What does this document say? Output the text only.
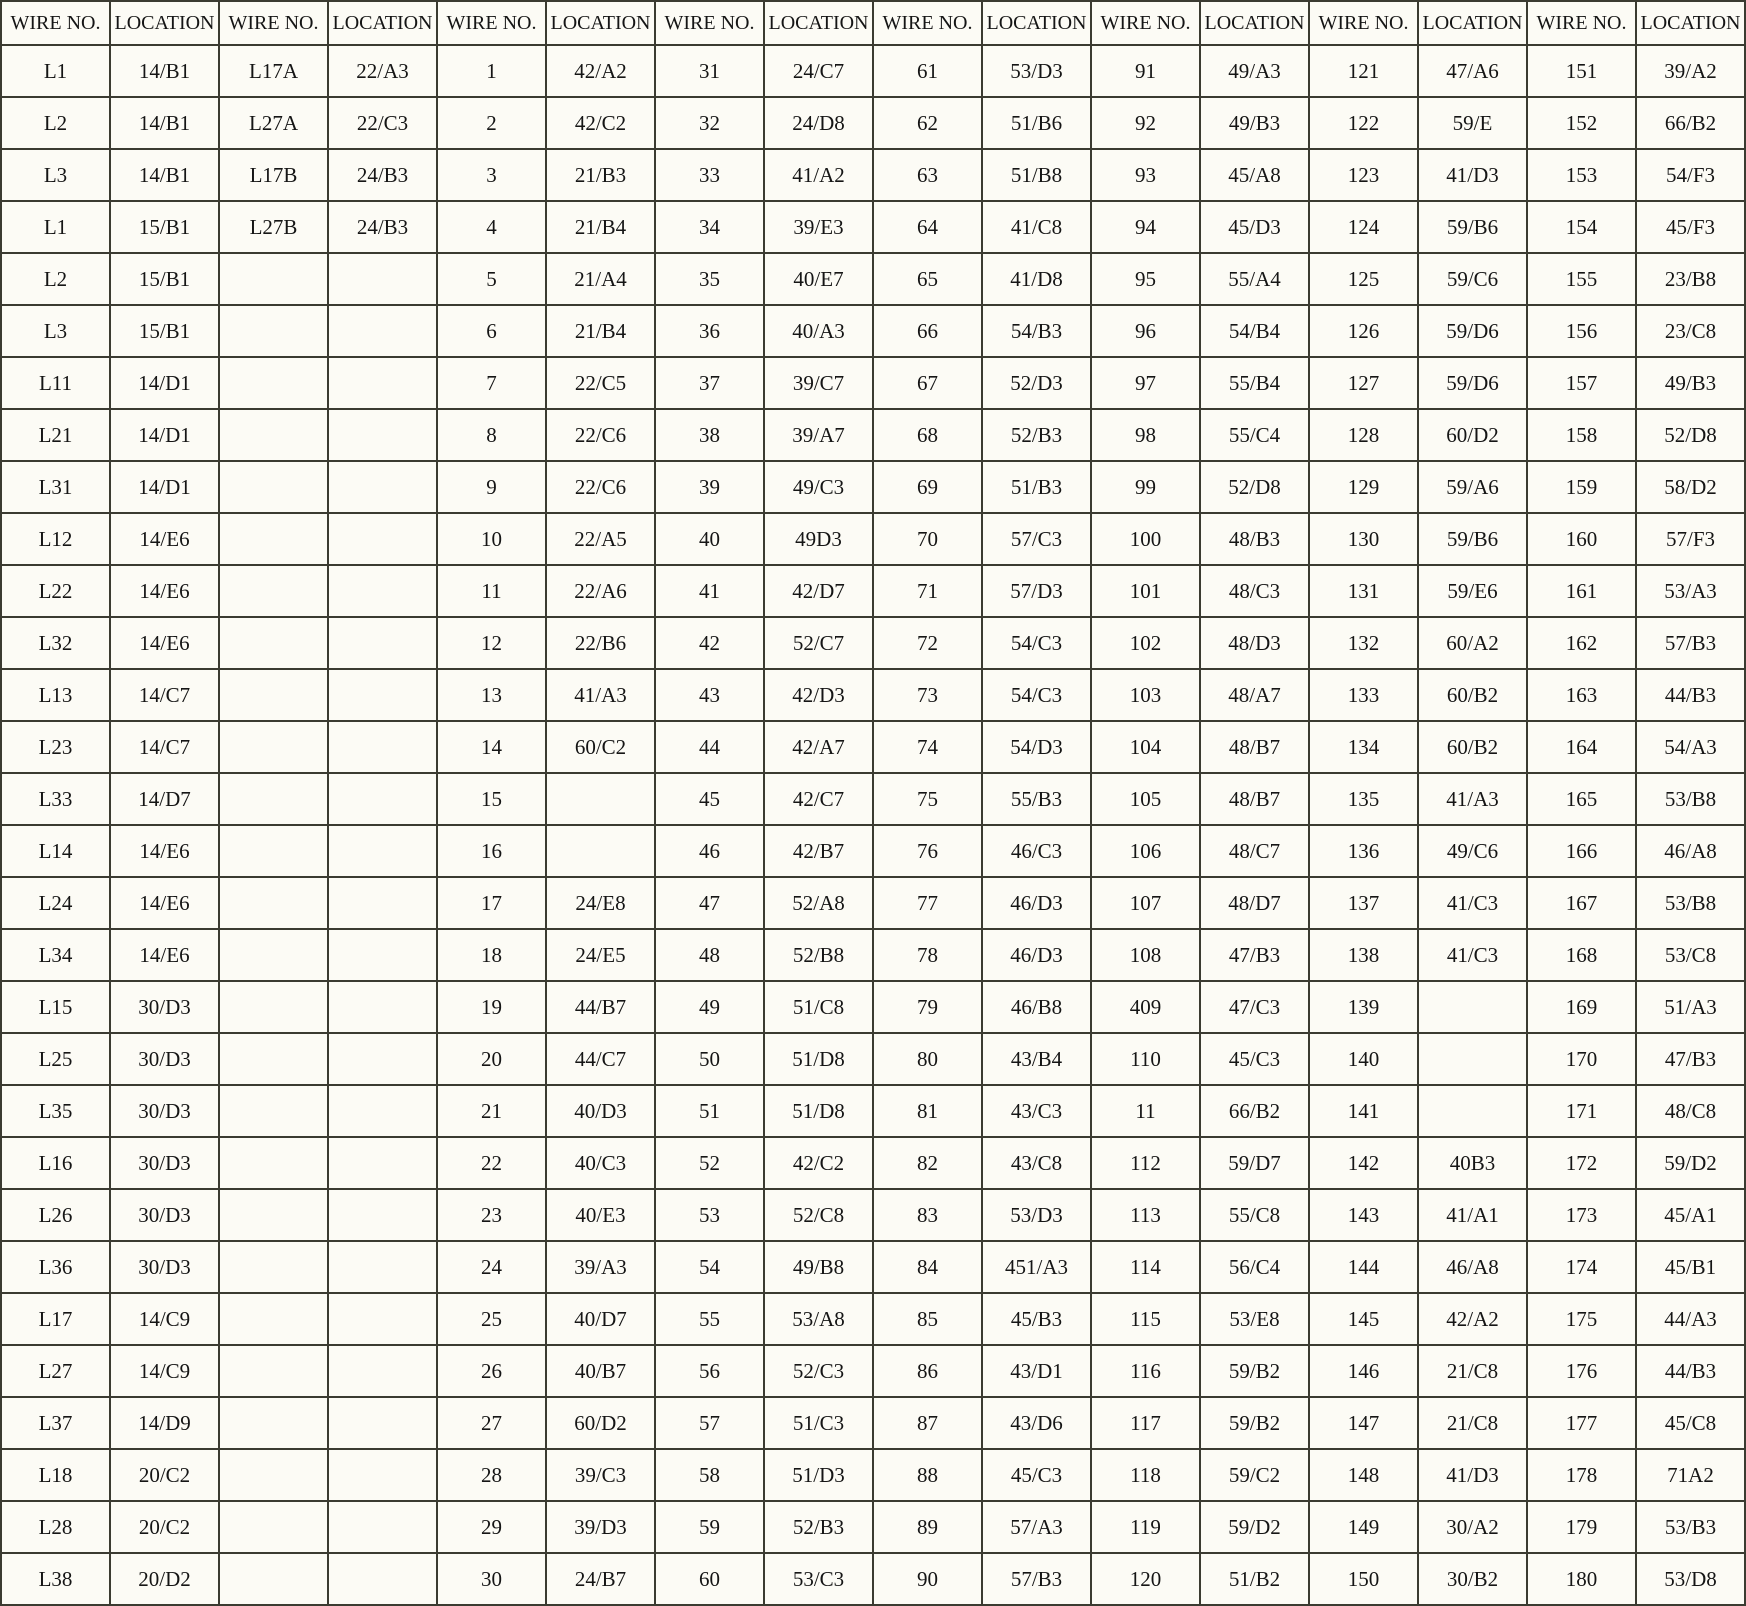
WIRE NO.	LOCATION	WIRE NO.	LOCATION	WIRE NO.	LOCATION	WIRE NO.	LOCATION	WIRE NO.	LOCATION	WIRE NO.	LOCATION	WIRE NO.	LOCATION	WIRE NO.	LOCATION
L1	14/B1	L17A	22/A3	1	42/A2	31	24/C7	61	53/D3	91	49/A3	121	47/A6	151	39/A2
L2	14/B1	L27A	22/C3	2	42/C2	32	24/D8	62	51/B6	92	49/B3	122	59/E	152	66/B2
L3	14/B1	L17B	24/B3	3	21/B3	33	41/A2	63	51/B8	93	45/A8	123	41/D3	153	54/F3
L1	15/B1	L27B	24/B3	4	21/B4	34	39/E3	64	41/C8	94	45/D3	124	59/B6	154	45/F3
L2	15/B1			5	21/A4	35	40/E7	65	41/D8	95	55/A4	125	59/C6	155	23/B8
L3	15/B1			6	21/B4	36	40/A3	66	54/B3	96	54/B4	126	59/D6	156	23/C8
L11	14/D1			7	22/C5	37	39/C7	67	52/D3	97	55/B4	127	59/D6	157	49/B3
L21	14/D1			8	22/C6	38	39/A7	68	52/B3	98	55/C4	128	60/D2	158	52/D8
L31	14/D1			9	22/C6	39	49/C3	69	51/B3	99	52/D8	129	59/A6	159	58/D2
L12	14/E6			10	22/A5	40	49D3	70	57/C3	100	48/B3	130	59/B6	160	57/F3
L22	14/E6			11	22/A6	41	42/D7	71	57/D3	101	48/C3	131	59/E6	161	53/A3
L32	14/E6			12	22/B6	42	52/C7	72	54/C3	102	48/D3	132	60/A2	162	57/B3
L13	14/C7			13	41/A3	43	42/D3	73	54/C3	103	48/A7	133	60/B2	163	44/B3
L23	14/C7			14	60/C2	44	42/A7	74	54/D3	104	48/B7	134	60/B2	164	54/A3
L33	14/D7			15		45	42/C7	75	55/B3	105	48/B7	135	41/A3	165	53/B8
L14	14/E6			16		46	42/B7	76	46/C3	106	48/C7	136	49/C6	166	46/A8
L24	14/E6			17	24/E8	47	52/A8	77	46/D3	107	48/D7	137	41/C3	167	53/B8
L34	14/E6			18	24/E5	48	52/B8	78	46/D3	108	47/B3	138	41/C3	168	53/C8
L15	30/D3			19	44/B7	49	51/C8	79	46/B8	409	47/C3	139		169	51/A3
L25	30/D3			20	44/C7	50	51/D8	80	43/B4	110	45/C3	140		170	47/B3
L35	30/D3			21	40/D3	51	51/D8	81	43/C3	11	66/B2	141		171	48/C8
L16	30/D3			22	40/C3	52	42/C2	82	43/C8	112	59/D7	142	40B3	172	59/D2
L26	30/D3			23	40/E3	53	52/C8	83	53/D3	113	55/C8	143	41/A1	173	45/A1
L36	30/D3			24	39/A3	54	49/B8	84	451/A3	114	56/C4	144	46/A8	174	45/B1
L17	14/C9			25	40/D7	55	53/A8	85	45/B3	115	53/E8	145	42/A2	175	44/A3
L27	14/C9			26	40/B7	56	52/C3	86	43/D1	116	59/B2	146	21/C8	176	44/B3
L37	14/D9			27	60/D2	57	51/C3	87	43/D6	117	59/B2	147	21/C8	177	45/C8
L18	20/C2			28	39/C3	58	51/D3	88	45/C3	118	59/C2	148	41/D3	178	71A2
L28	20/C2			29	39/D3	59	52/B3	89	57/A3	119	59/D2	149	30/A2	179	53/B3
L38	20/D2			30	24/B7	60	53/C3	90	57/B3	120	51/B2	150	30/B2	180	53/D8
